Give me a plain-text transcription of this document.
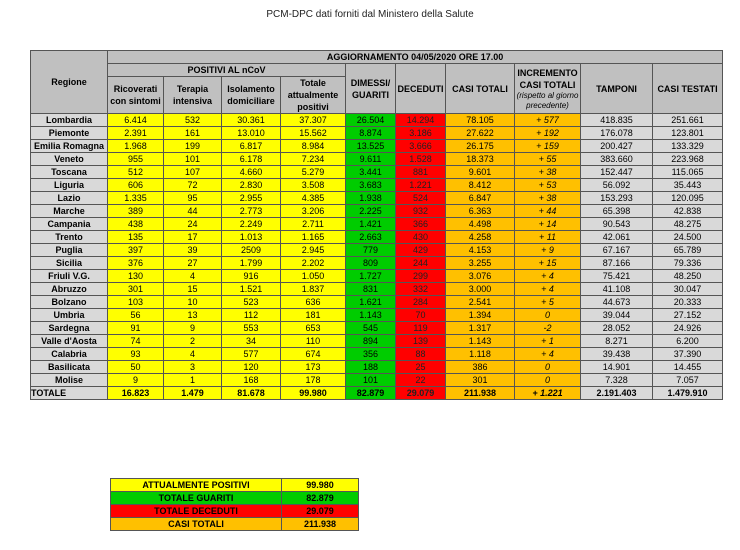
PCM-DPC dati forniti dal Ministero della Salute
Regione	AGGIORNAMENTO 04/05/2020 ORE 17.00									
	POSITIVI AL nCoV				DIMESSI/ GUARITI	DECEDUTI	CASI TOTALI	INCREMENTO CASI TOTALI
(rispetto al giorno precedente)	TAMPONI	CASI TESTATI
	Ricoverati con sintomi	Terapia intensiva	Isolamento domiciliare	Totale attualmente positivi						
Lombardia	6.414	532	30.361	37.307	26.504	14.294	78.105	+ 577	418.835	251.661
Piemonte	2.391	161	13.010	15.562	8.874	3.186	27.622	+ 192	176.078	123.801
Emilia Romagna	1.968	199	6.817	8.984	13.525	3.666	26.175	+ 159	200.427	133.329
Veneto	955	101	6.178	7.234	9.611	1.528	18.373	+ 55	383.660	223.968
Toscana	512	107	4.660	5.279	3.441	881	9.601	+ 38	152.447	115.065
Liguria	606	72	2.830	3.508	3.683	1.221	8.412	+ 53	56.092	35.443
Lazio	1.335	95	2.955	4.385	1.938	524	6.847	+ 38	153.293	120.095
Marche	389	44	2.773	3.206	2.225	932	6.363	+ 44	65.398	42.838
Campania	438	24	2.249	2.711	1.421	366	4.498	+ 14	90.543	48.275
Trento	135	17	1.013	1.165	2.663	430	4.258	+ 11	42.061	24.500
Puglia	397	39	2509	2.945	779	429	4.153	+ 9	67.167	65.789
Sicilia	376	27	1.799	2.202	809	244	3.255	+ 15	87.166	79.336
Friuli V.G.	130	4	916	1.050	1.727	299	3.076	+ 4	75.421	48.250
Abruzzo	301	15	1.521	1.837	831	332	3.000	+ 4	41.108	30.047
Bolzano	103	10	523	636	1.621	284	2.541	+ 5	44.673	20.333
Umbria	56	13	112	181	1.143	70	1.394	0	39.044	27.152
Sardegna	91	9	553	653	545	119	1.317	-2	28.052	24.926
Valle d'Aosta	74	2	34	110	894	139	1.143	+ 1	8.271	6.200
Calabria	93	4	577	674	356	88	1.118	+ 4	39.438	37.390
Basilicata	50	3	120	173	188	25	386	0	14.901	14.455
Molise	9	1	168	178	101	22	301	0	7.328	7.057
TOTALE	16.823	1.479	81.678	99.980	82.879	29.079	211.938	+ 1.221	2.191.403	1.479.910
ATTUALMENTE POSITIVI	99.980
TOTALE GUARITI	82.879
TOTALE DECEDUTI	29.079
CASI TOTALI	211.938
